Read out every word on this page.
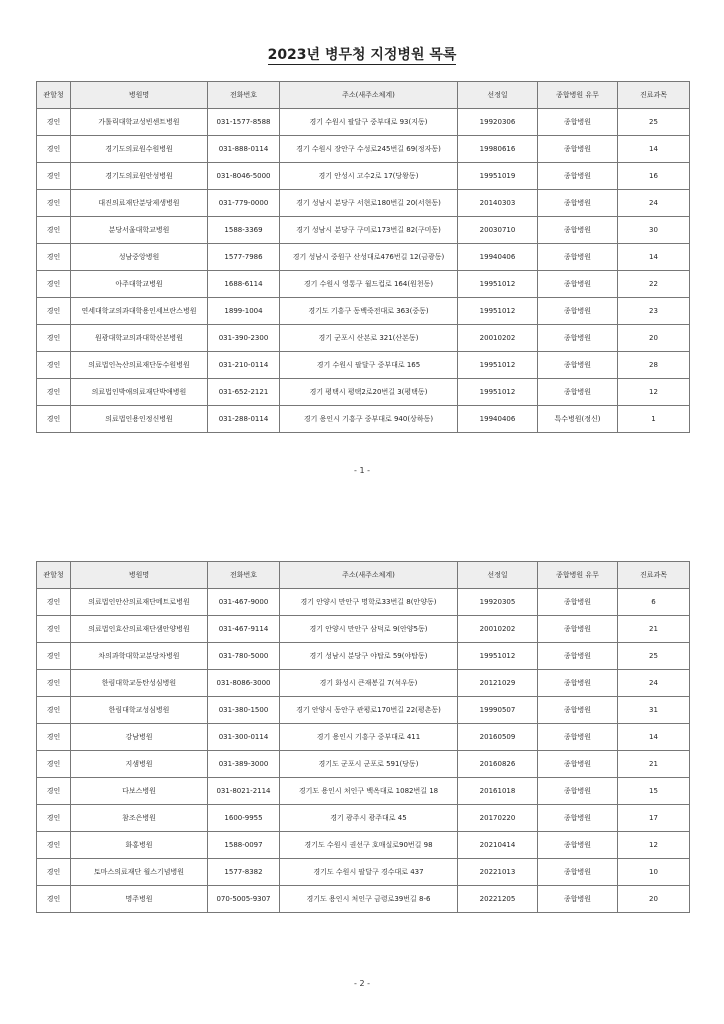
2023년 병무청 지정병원 목록
관할청	병원명	전화번호	주소(새주소체계)	선정일	종합병원 유무	진료과목
경인	가톨릭대학교성빈센트병원	031-1577-8588	경기 수원시 팔달구 중부대로 93(지동)	19920306	종합병원	25
경인	경기도의료원수원병원	031-888-0114	경기 수원시 장안구 수성로245번길 69(정자동)	19980616	종합병원	14
경인	경기도의료원안성병원	031-8046-5000	경기 안성시 고수2로 17(당왕동)	19951019	종합병원	16
경인	대진의료재단분당제생병원	031-779-0000	경기 성남시 분당구 서현로180번길 20(서현동)	20140303	종합병원	24
경인	분당서울대학교병원	1588-3369	경기 성남시 분당구 구미로173번길 82(구미동)	20030710	종합병원	30
경인	성남중앙병원	1577-7986	경기 성남시 중원구 산성대로476번길 12(금광동)	19940406	종합병원	14
경인	아주대학교병원	1688-6114	경기 수원시 영통구 월드컵로 164(원천동)	19951012	종합병원	22
경인	연세대학교의과대학용인세브란스병원	1899-1004	경기도 기흥구 동백죽전대로 363(중동)	19951012	종합병원	23
경인	원광대학교의과대학산본병원	031-390-2300	경기 군포시 산본로 321(산본동)	20010202	종합병원	20
경인	의료법인녹산의료재단동수원병원	031-210-0114	경기 수원시 팔달구 중부대로 165	19951012	종합병원	28
경인	의료법인박애의료재단박애병원	031-652-2121	경기 평택시 평택2로20번길 3(평택동)	19951012	종합병원	12
경인	의료법인용인정신병원	031-288-0114	경기 용인시 기흥구 중부대로 940(상하동)	19940406	특수병원(정신)	1
- 1 -
관할청	병원명	전화번호	주소(새주소체계)	선정일	종합병원 유무	진료과목
경인	의료법인안산의료재단메트로병원	031-467-9000	경기 안양시 만안구 명학로33번길 8(안양동)	19920305	종합병원	6
경인	의료법인효산의료재단샘안양병원	031-467-9114	경기 안양시 만안구 삼덕로 9(안양5동)	20010202	종합병원	21
경인	차의과학대학교분당차병원	031-780-5000	경기 성남시 분당구 야탑로 59(야탑동)	19951012	종합병원	25
경인	한림대학교동탄성심병원	031-8086-3000	경기 화성시 큰재봉길 7(석우동)	20121029	종합병원	24
경인	한림대학교성심병원	031-380-1500	경기 안양시 동안구 관평로170번길 22(평촌동)	19990507	종합병원	31
경인	강남병원	031-300-0114	경기 용인시 기흥구 중부대로 411	20160509	종합병원	14
경인	지샘병원	031-389-3000	경기도 군포시 군포로 591(당동)	20160826	종합병원	21
경인	다보스병원	031-8021-2114	경기도 용인시 처인구 백옥대로 1082번길 18	20161018	종합병원	15
경인	참조은병원	1600-9955	경기 광주시 광주대로 45	20170220	종합병원	17
경인	화홍병원	1588-0097	경기도 수원시 권선구 호매실로90번길 98	20210414	종합병원	12
경인	토마스의료재단 윌스기념병원	1577-8382	경기도 수원시 팔달구 경수대로 437	20221013	종합병원	10
경인	명주병원	070-5005-9307	경기도 용인시 처인구 금령로39번길 8-6	20221205	종합병원	20
- 2 -
